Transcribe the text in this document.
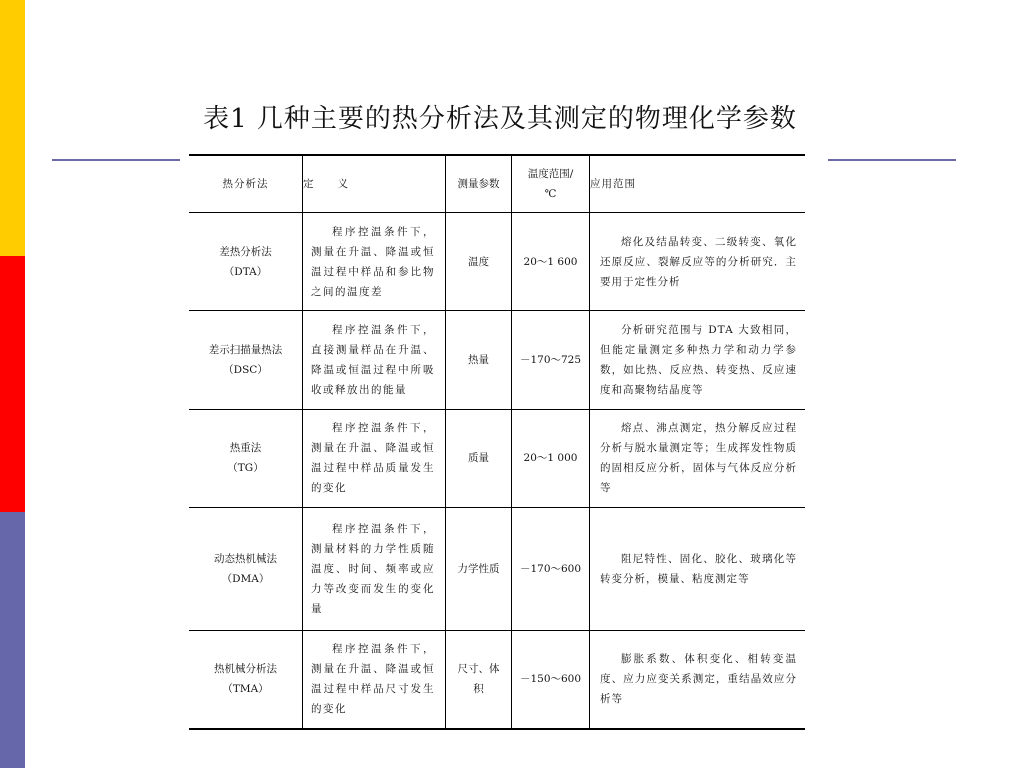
表1 几种主要的热分析法及其测定的物理化学参数
热分析法	定　　义	测量参数	温度范围/℃	应用范围

差热分析法
（DTA）	程序控温条件下，测量在升温、降温或恒温过程中样品和参比物之间的温度差	温度	20～1 600	熔化及结晶转变、二级转变、氧化还原反应、裂解反应等的分析研究．主要用于定性分析

差示扫描量热法
（DSC）	程序控温条件下，直接测量样品在升温、降温或恒温过程中所吸收或释放出的能量	热量	－170～725	分析研究范围与 DTA 大致相同，但能定量测定多种热力学和动力学参数，如比热、反应热、转变热、反应速度和高聚物结晶度等

热重法
（TG）	程序控温条件下，测量在升温、降温或恒温过程中样品质量发生的变化	质量	20～1 000	熔点、沸点测定，热分解反应过程分析与脱水量测定等；生成挥发性物质的固相反应分析，固体与气体反应分析等

动态热机械法
（DMA）	程序控温条件下，测量材料的力学性质随温度、时间、频率或应力等改变而发生的变化量	力学性质	－170～600	阻尼特性、固化、胶化、玻璃化等转变分析，模量、粘度测定等

热机械分析法
（TMA）	程序控温条件下，测量在升温、降温或恒温过程中样品尺寸发生的变化	尺寸、体积	－150～600	膨胀系数、体积变化、相转变温度、应力应变关系测定，重结晶效应分析等
